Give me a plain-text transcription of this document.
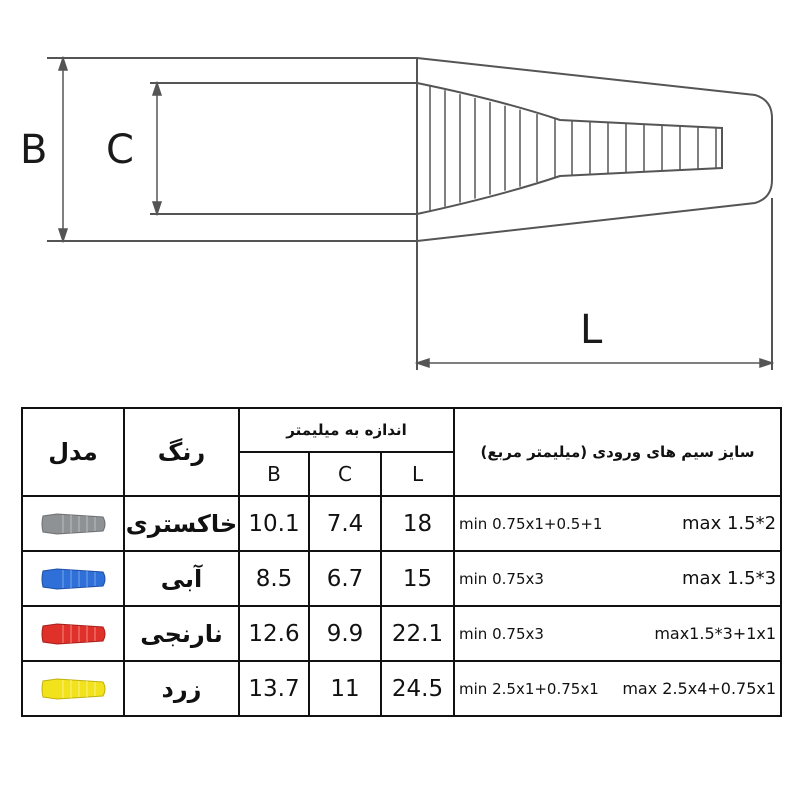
B C
L
مدل	رنگ	اندازه به میلیمتر			سایز سیم های ورودی (میلیمتر مربع)
		B	C	L	

	خاکستری	10.1	7.4	18	min 0.75x1+0.5+1 max 1.5*2

	آبی	8.5	6.7	15	min 0.75x3 max 1.5*3

	نارنجی	12.6	9.9	22.1	min 0.75x3 max1.5*3+1x1

	زرد	13.7	11	24.5	min 2.5x1+0.75x1 max 2.5x4+0.75x1
